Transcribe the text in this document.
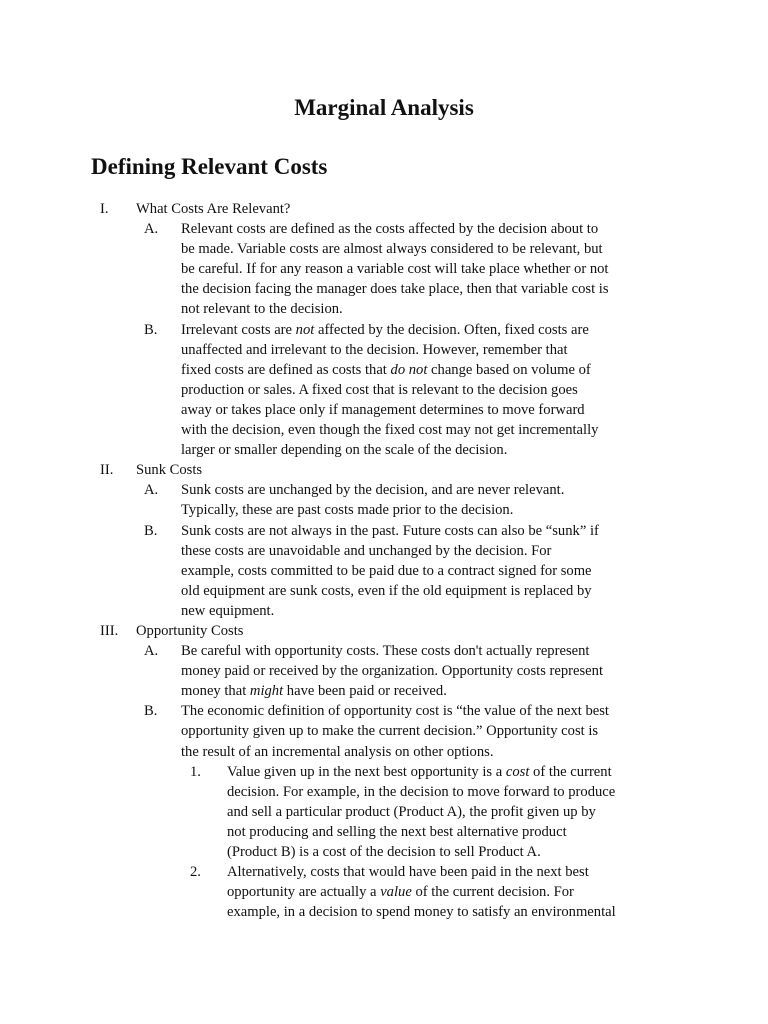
Marginal Analysis
Defining Relevant Costs
I. What Costs Are Relevant?
A. Relevant costs are defined as the costs affected by the decision about to
be made. Variable costs are almost always considered to be relevant, but
be careful. If for any reason a variable cost will take place whether or not
the decision facing the manager does take place, then that variable cost is
not relevant to the decision.
B. Irrelevant costs are not affected by the decision. Often, fixed costs are
unaffected and irrelevant to the decision. However, remember that
fixed costs are defined as costs that do not change based on volume of
production or sales. A fixed cost that is relevant to the decision goes
away or takes place only if management determines to move forward
with the decision, even though the fixed cost may not get incrementally
larger or smaller depending on the scale of the decision.
II. Sunk Costs
A. Sunk costs are unchanged by the decision, and are never relevant.
Typically, these are past costs made prior to the decision.
B. Sunk costs are not always in the past. Future costs can also be “sunk” if
these costs are unavoidable and unchanged by the decision. For
example, costs committed to be paid due to a contract signed for some
old equipment are sunk costs, even if the old equipment is replaced by
new equipment.
III. Opportunity Costs
A. Be careful with opportunity costs. These costs don't actually represent
money paid or received by the organization. Opportunity costs represent
money that might have been paid or received.
B. The economic definition of opportunity cost is “the value of the next best
opportunity given up to make the current decision.” Opportunity cost is
the result of an incremental analysis on other options.
1. Value given up in the next best opportunity is a cost of the current
decision. For example, in the decision to move forward to produce
and sell a particular product (Product A), the profit given up by
not producing and selling the next best alternative product
(Product B) is a cost of the decision to sell Product A.
2. Alternatively, costs that would have been paid in the next best
opportunity are actually a value of the current decision. For
example, in a decision to spend money to satisfy an environmental
